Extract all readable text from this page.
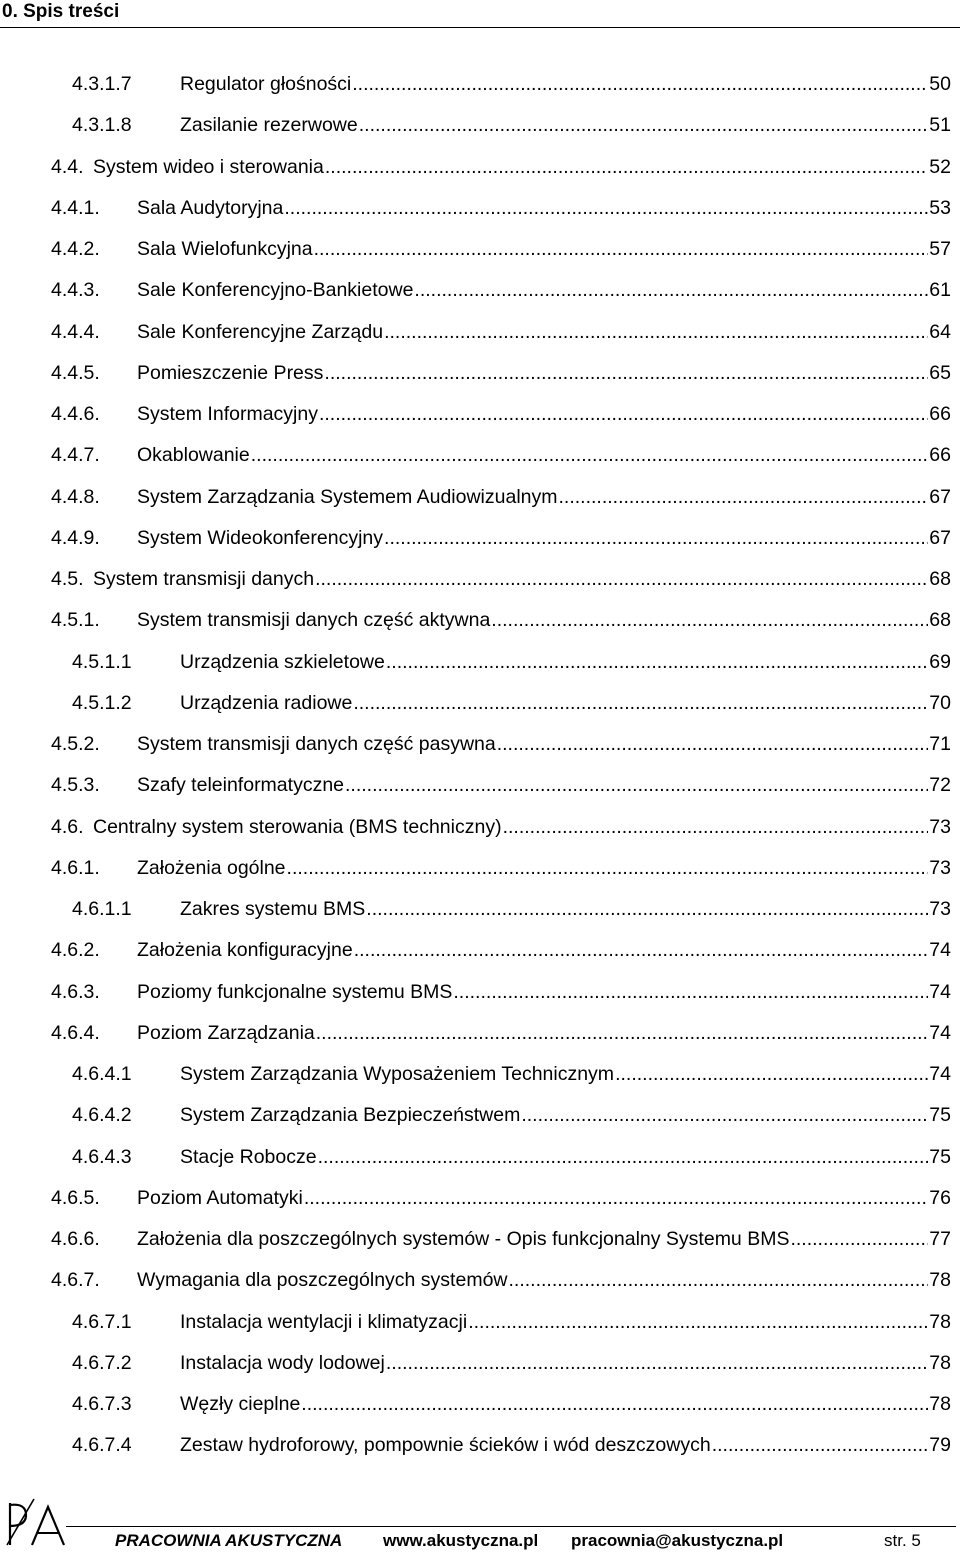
0. Spis treści
4.3.1.7	Regulator głośności .....	50
4.3.1.8	Zasilanie rezerwowe .....	51
4.4. System wideo i sterowania .....	52
4.4.1.	Sala Audytoryjna .....	53
4.4.2.	Sala Wielofunkcyjna .....	57
4.4.3.	Sale Konferencyjno-Bankietowe .....	61
4.4.4.	Sale Konferencyjne Zarządu .....	64
4.4.5.	Pomieszczenie Press .....	65
4.4.6.	System Informacyjny .....	66
4.4.7.	Okablowanie .....	66
4.4.8.	System Zarządzania Systemem Audiowizualnym .....	67
4.4.9.	System Wideokonferencyjny .....	67
4.5. System transmisji danych .....	68
4.5.1.	System transmisji danych część aktywna .....	68
4.5.1.1	Urządzenia szkieletowe .....	69
4.5.1.2	Urządzenia radiowe .....	70
4.5.2.	System transmisji danych część pasywna .....	71
4.5.3.	Szafy teleinformatyczne .....	72
4.6. Centralny system sterowania (BMS techniczny) .....	73
4.6.1.	Założenia ogólne .....	73
4.6.1.1	Zakres systemu BMS .....	73
4.6.2.	Założenia konfiguracyjne .....	74
4.6.3.	Poziomy funkcjonalne systemu BMS .....	74
4.6.4.	Poziom Zarządzania .....	74
4.6.4.1	System Zarządzania Wyposażeniem Technicznym .....	74
4.6.4.2	System Zarządzania Bezpieczeństwem .....	75
4.6.4.3	Stacje Robocze .....	75
4.6.5.	Poziom Automatyki .....	76
4.6.6.	Założenia dla poszczególnych systemów - Opis funkcjonalny Systemu BMS .....	77
4.6.7.	Wymagania dla poszczególnych systemów .....	78
4.6.7.1	Instalacja wentylacji i klimatyzacji .....	78
4.6.7.2	Instalacja wody lodowej .....	78
4.6.7.3	Węzły cieplne .....	78
4.6.7.4	Zestaw hydroforowy, pompownie ścieków i wód deszczowych .....	79
PRACOWNIA AKUSTYCZNA www.akustyczna.pl pracownia@akustyczna.pl	str. 5
